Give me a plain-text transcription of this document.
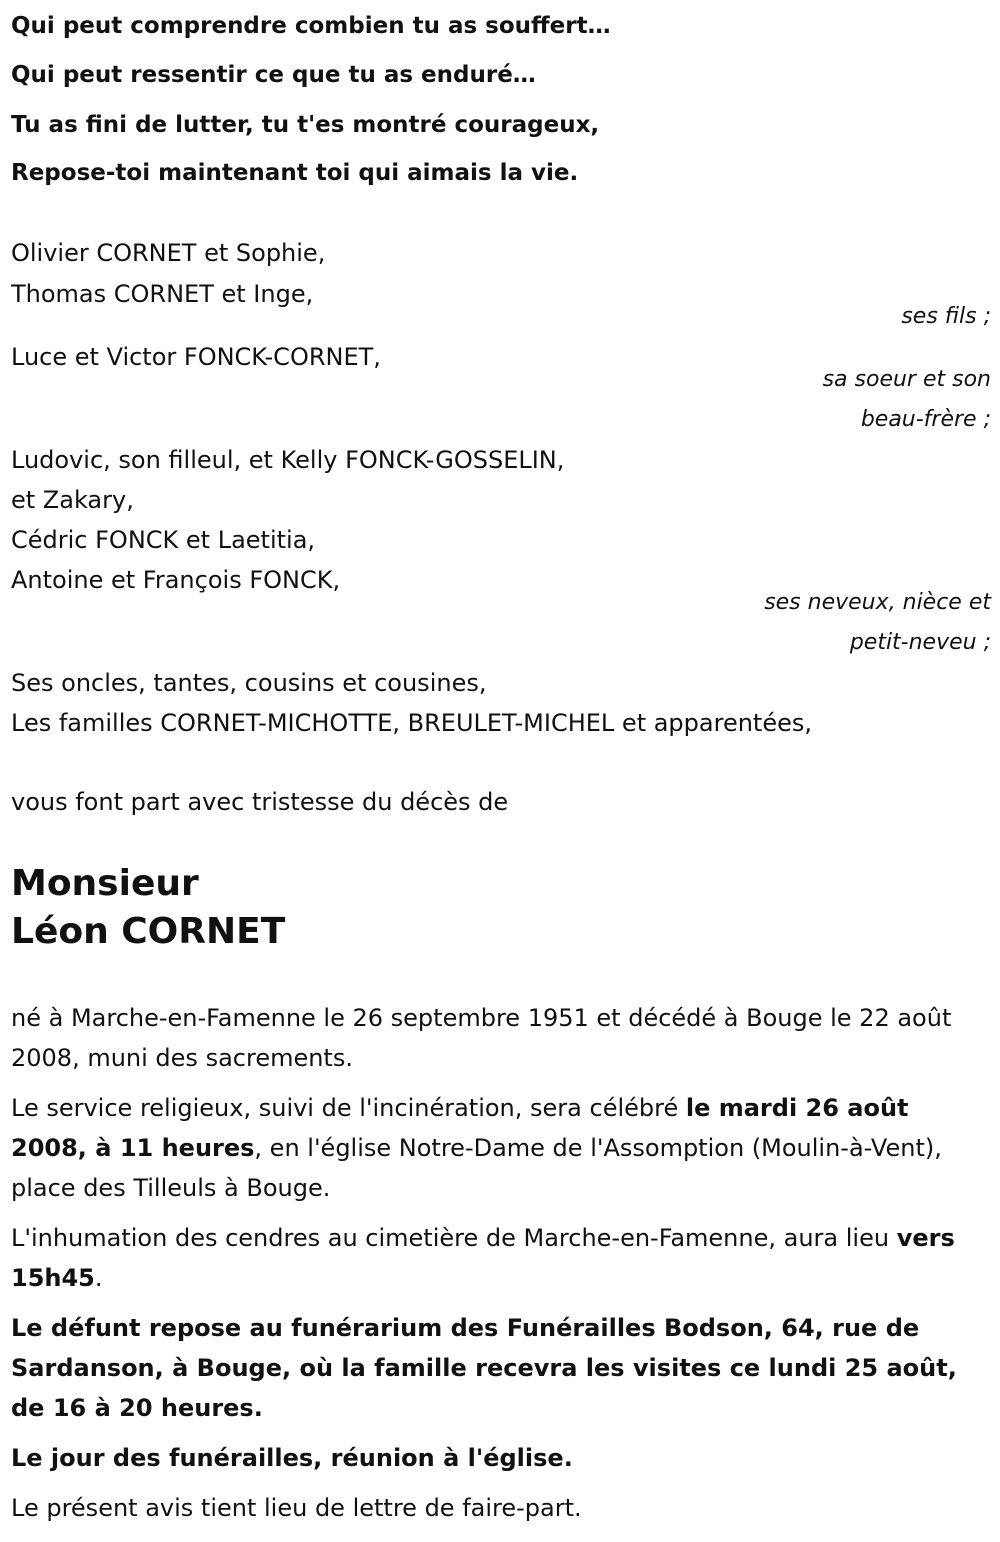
Qui peut comprendre combien tu as souffert…
Qui peut ressentir ce que tu as enduré…
Tu as fini de lutter, tu t'es montré courageux,
Repose-toi maintenant toi qui aimais la vie.
Olivier CORNET et Sophie,
Thomas CORNET et Inge,
ses fils ;
Luce et Victor FONCK-CORNET,
sa soeur et son
beau-frère ;
Ludovic, son filleul, et Kelly FONCK-GOSSELIN,
et Zakary,
Cédric FONCK et Laetitia,
Antoine et François FONCK,
ses neveux, nièce et
petit-neveu ;
Ses oncles, tantes, cousins et cousines,
Les familles CORNET-MICHOTTE, BREULET-MICHEL et apparentées,
vous font part avec tristesse du décès de
Monsieur
Léon CORNET
né à Marche-en-Famenne le 26 septembre 1951 et décédé à Bouge le 22 août 2008, muni des sacrements.
Le service religieux, suivi de l'incinération, sera célébré le mardi 26 août 2008, à 11 heures, en l'église Notre-Dame de l'Assomption (Moulin-à-Vent), place des Tilleuls à Bouge.
L'inhumation des cendres au cimetière de Marche-en-Famenne, aura lieu vers 15h45.
Le défunt repose au funérarium des Funérailles Bodson, 64, rue de Sardanson, à Bouge, où la famille recevra les visites ce lundi 25 août, de 16 à 20 heures.
Le jour des funérailles, réunion à l'église.
Le présent avis tient lieu de lettre de faire-part.
